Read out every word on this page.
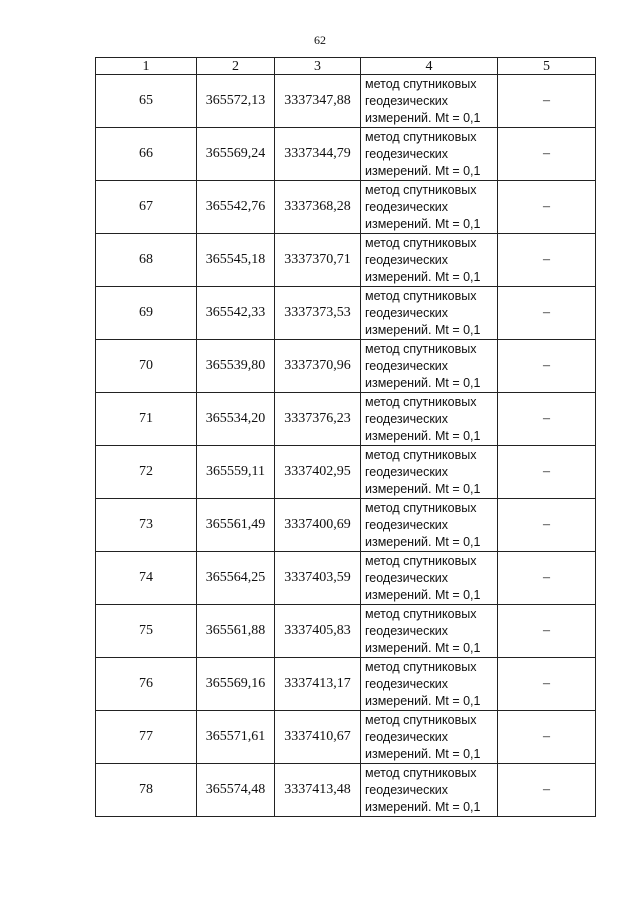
62
1	2	3	4	5
65	365572,13	3337347,88	метод спутниковых
геодезических
измерений. Mt = 0,1	–
66	365569,24	3337344,79	метод спутниковых
геодезических
измерений. Mt = 0,1	–
67	365542,76	3337368,28	метод спутниковых
геодезических
измерений. Mt = 0,1	–
68	365545,18	3337370,71	метод спутниковых
геодезических
измерений. Mt = 0,1	–
69	365542,33	3337373,53	метод спутниковых
геодезических
измерений. Mt = 0,1	–
70	365539,80	3337370,96	метод спутниковых
геодезических
измерений. Mt = 0,1	–
71	365534,20	3337376,23	метод спутниковых
геодезических
измерений. Mt = 0,1	–
72	365559,11	3337402,95	метод спутниковых
геодезических
измерений. Mt = 0,1	–
73	365561,49	3337400,69	метод спутниковых
геодезических
измерений. Mt = 0,1	–
74	365564,25	3337403,59	метод спутниковых
геодезических
измерений. Mt = 0,1	–
75	365561,88	3337405,83	метод спутниковых
геодезических
измерений. Mt = 0,1	–
76	365569,16	3337413,17	метод спутниковых
геодезических
измерений. Mt = 0,1	–
77	365571,61	3337410,67	метод спутниковых
геодезических
измерений. Mt = 0,1	–
78	365574,48	3337413,48	метод спутниковых
геодезических
измерений. Mt = 0,1	–
